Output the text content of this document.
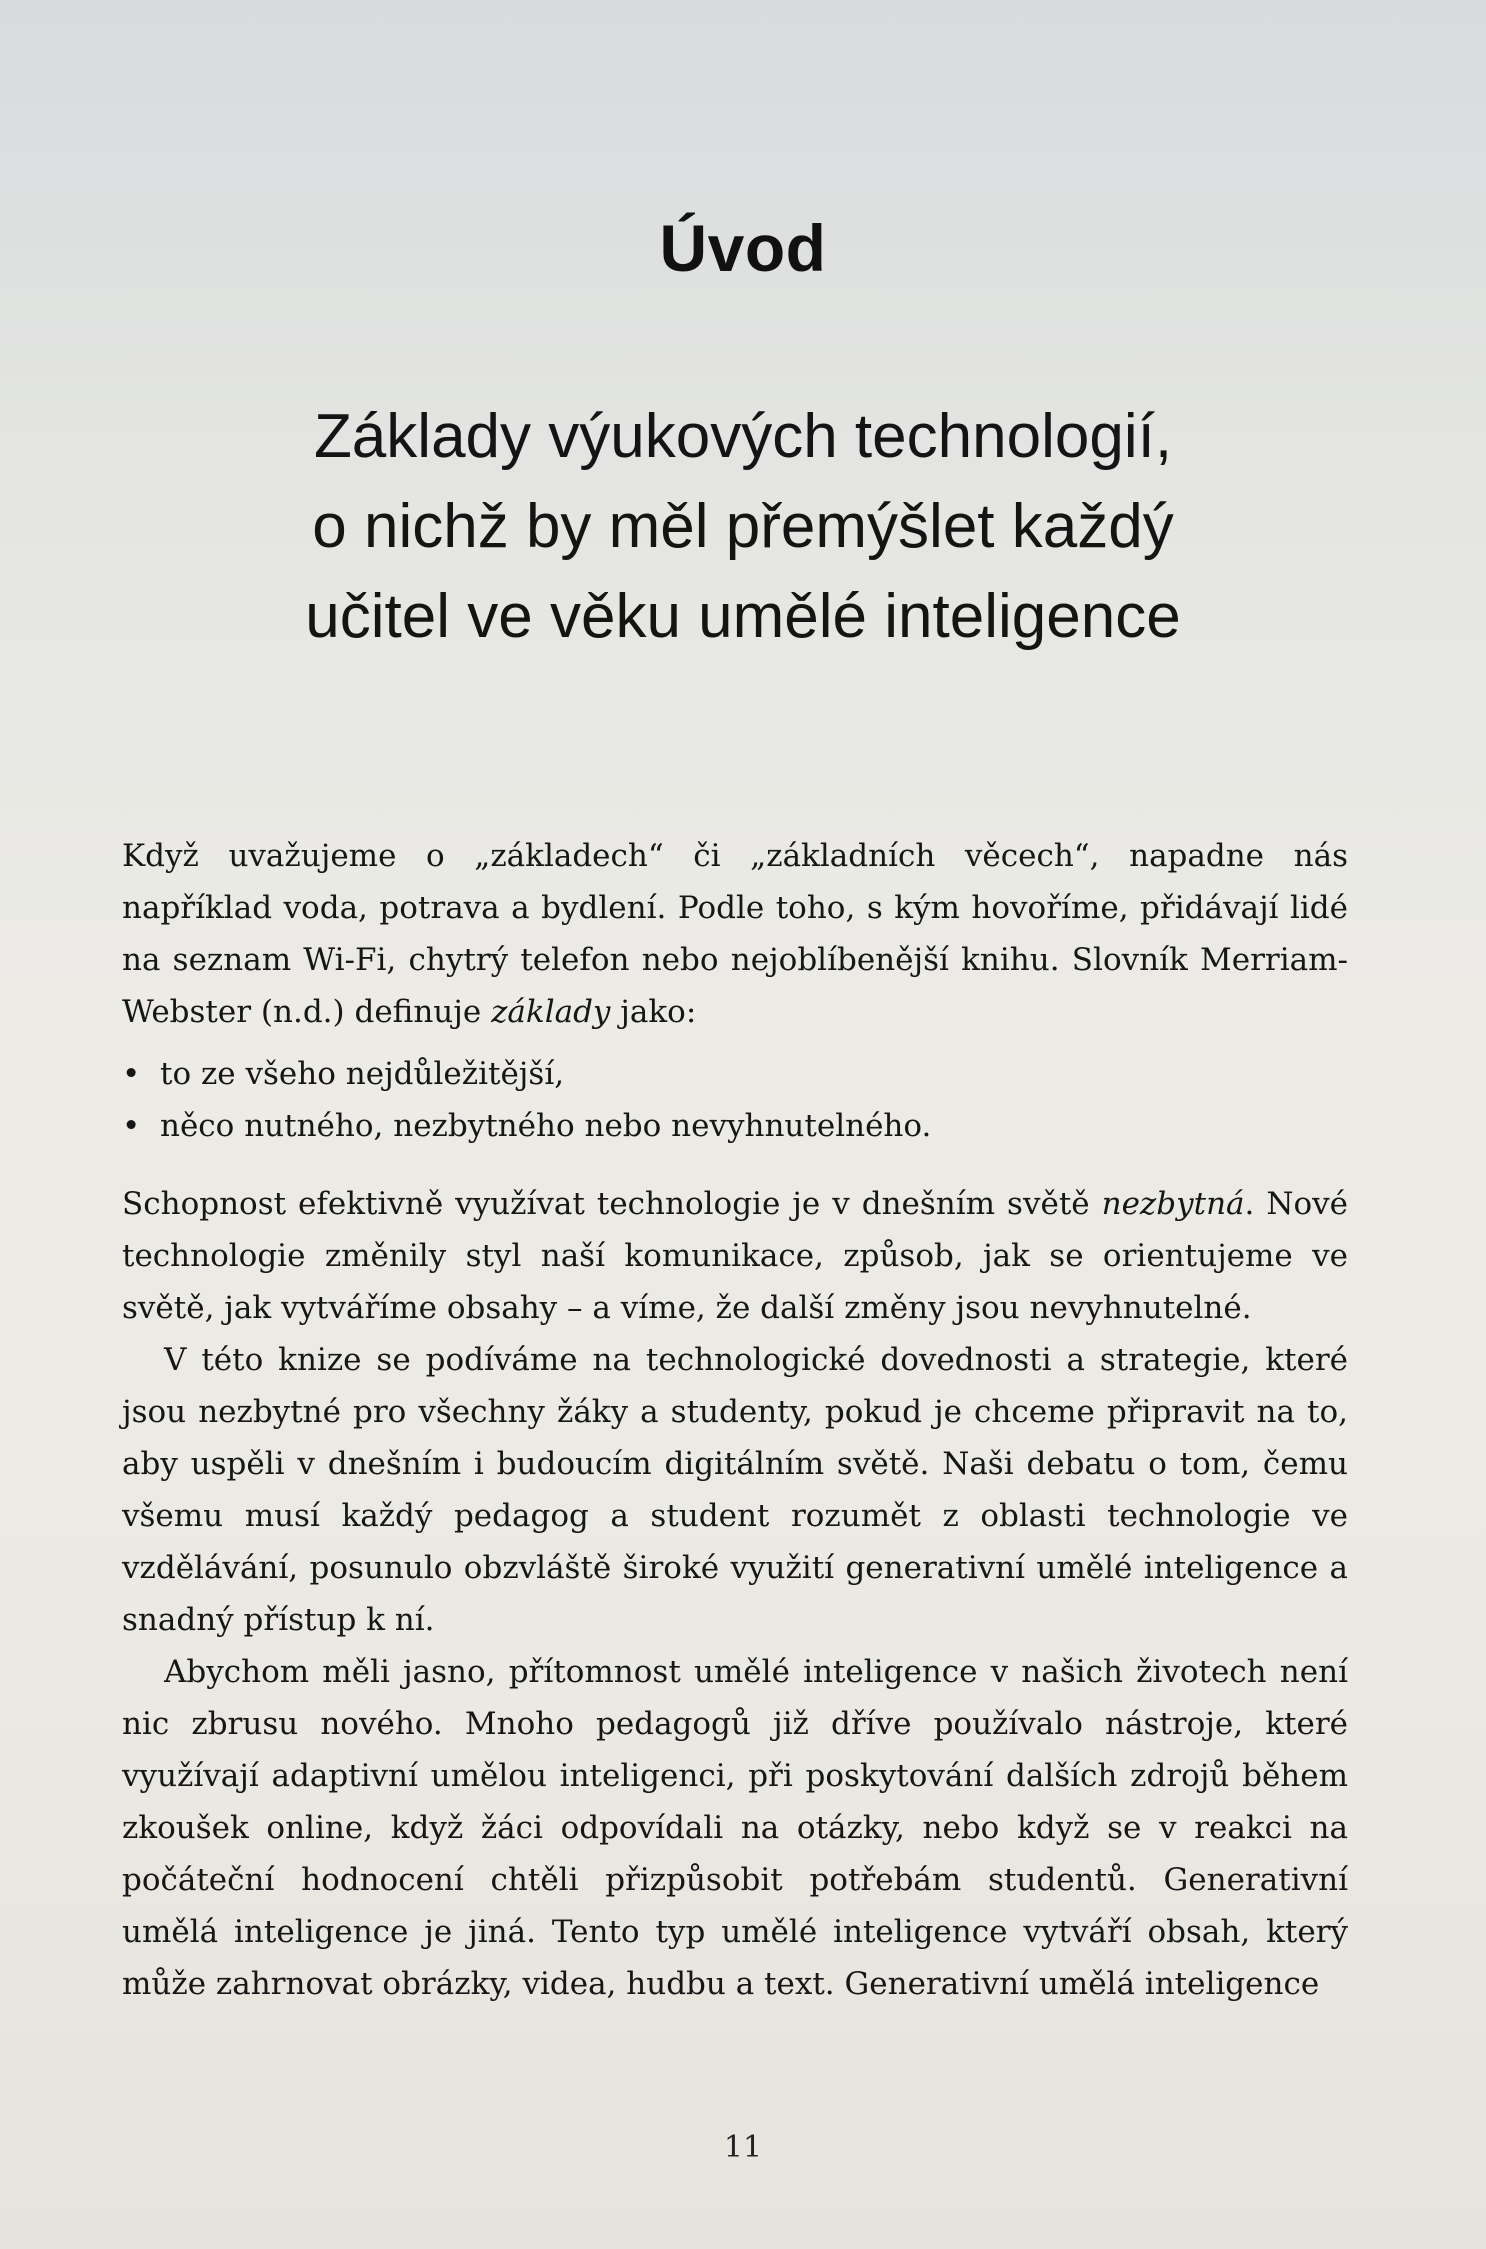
Úvod
Základy výukových technologií,
o nichž by měl přemýšlet každý
učitel ve věku umělé inteligence

Když uvažujeme o „základech“ či „základních věcech“, napadne nás například voda, potrava a bydlení. Podle toho, s kým hovoříme, přidávají lidé na seznam Wi-Fi, chytrý telefon nebo nejoblíbenější knihu. Slovník Merriam-Webster (n.d.) definuje základy jako:

• to ze všeho nejdůležitější,
• něco nutného, nezbytného nebo nevyhnutelného.

Schopnost efektivně využívat technologie je v dnešním světě nezbytná. Nové technologie změnily styl naší komunikace, způsob, jak se orientujeme ve světě, jak vytváříme obsahy – a víme, že další změny jsou nevyhnutelné.

V této knize se podíváme na technologické dovednosti a strategie, které jsou nezbytné pro všechny žáky a studenty, pokud je chceme připravit na to, aby uspěli v dnešním i budoucím digitálním světě. Naši debatu o tom, čemu všemu musí každý pedagog a student rozumět z oblasti technologie ve vzdělávání, posunulo obzvláště široké využití generativní umělé inteligence a snadný přístup k ní.

Abychom měli jasno, přítomnost umělé inteligence v našich životech není nic zbrusu nového. Mnoho pedagogů již dříve používalo nástroje, které využívají adaptivní umělou inteligenci, při poskytování dalších zdrojů během zkoušek online, když žáci odpovídali na otázky, nebo když se v reakci na počáteční hodnocení chtěli přizpůsobit potřebám studentů. Generativní umělá inteligence je jiná. Tento typ umělé inteligence vytváří obsah, který může zahrnovat obrázky, videa, hudbu a text. Generativní umělá inteligence

11
